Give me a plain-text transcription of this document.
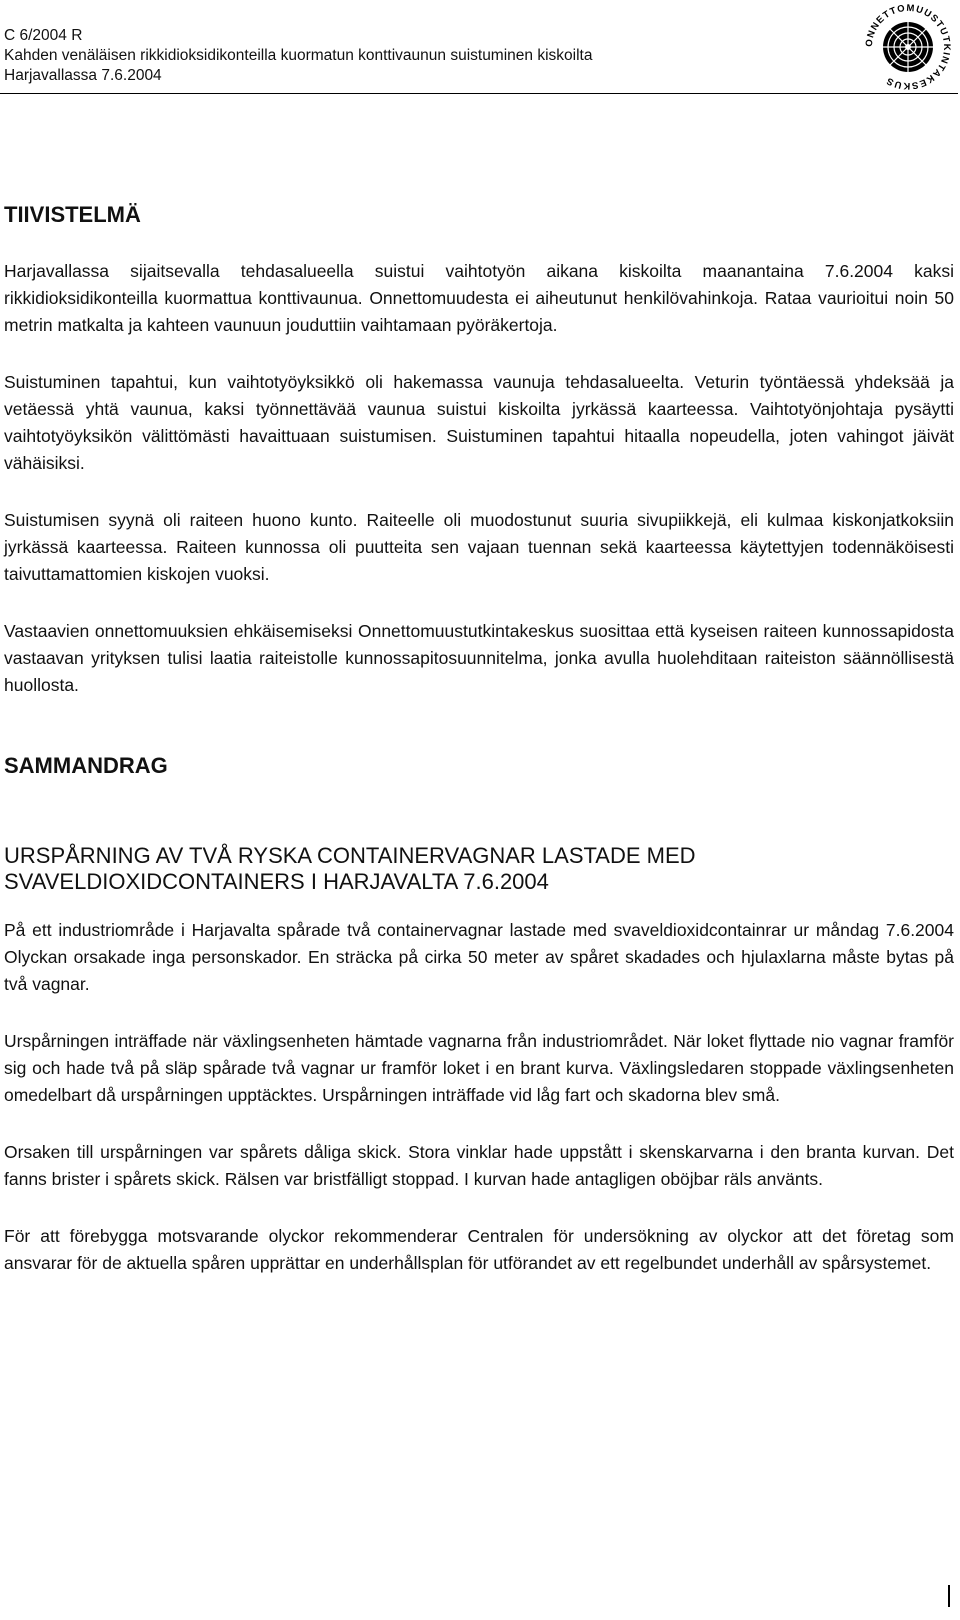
C 6/2004 R
Kahden venäläisen rikkidioksidikonteilla kuormatun konttivaunun suistuminen kiskoilta
Harjavallassa 7.6.2004
ONNETTOMUUSTUTKINTAKESKUS
TIIVISTELMÄ

Harjavallassa sijaitsevalla tehdasalueella suistui vaihtotyön aikana kiskoilta maanantaina 7.6.2004 kaksi rikkidioksidikonteilla kuormattua konttivaunua. Onnettomuudesta ei aiheutunut henkilövahinkoja. Rataa vaurioitui noin 50 metrin matkalta ja kahteen vaunuun jouduttiin vaihtamaan pyöräkertoja.

Suistuminen tapahtui, kun vaihtotyöyksikkö oli hakemassa vaunuja tehdasalueelta. Veturin työntäessä yhdeksää ja vetäessä yhtä vaunua, kaksi työnnettävää vaunua suistui kiskoilta jyrkässä kaarteessa. Vaihtotyönjohtaja pysäytti vaihtotyöyksikön välittömästi havaittuaan suistumisen. Suistuminen tapahtui hitaalla nopeudella, joten vahingot jäivät vähäisiksi.

Suistumisen syynä oli raiteen huono kunto. Raiteelle oli muodostunut suuria sivupiikkejä, eli kulmaa kiskonjatkoksiin jyrkässä kaarteessa. Raiteen kunnossa oli puutteita sen vajaan tuennan sekä kaarteessa käytettyjen todennäköisesti taivuttamattomien kiskojen vuoksi.

Vastaavien onnettomuuksien ehkäisemiseksi Onnettomuustutkintakeskus suosittaa että kyseisen raiteen kunnossapidosta vastaavan yrityksen tulisi laatia raiteistolle kunnossapitosuunnitelma, jonka avulla huolehditaan raiteiston säännöllisestä huollosta.

SAMMANDRAG
URSPÅRNING AV TVÅ RYSKA CONTAINERVAGNAR LASTADE MED SVAVELDIOXIDCONTAINERS I HARJAVALTA 7.6.2004

På ett industriområde i Harjavalta spårade två containervagnar lastade med svaveldioxidcontainrar ur måndag 7.6.2004 Olyckan orsakade inga personskador. En sträcka på cirka 50 meter av spåret skadades och hjulaxlarna måste bytas på två vagnar.

Urspårningen inträffade när växlingsenheten hämtade vagnarna från industriområdet. När loket flyttade nio vagnar framför sig och hade två på släp spårade två vagnar ur framför loket i en brant kurva. Växlingsledaren stoppade växlingsenheten omedelbart då urspårningen upptäcktes. Urspårningen inträffade vid låg fart och skadorna blev små.

Orsaken till urspårningen var spårets dåliga skick. Stora vinklar hade uppstått i skenskarvarna i den branta kurvan. Det fanns brister i spårets skick. Rälsen var bristfälligt stoppad. I kurvan hade antagligen oböjbar räls använts.

För att förebygga motsvarande olyckor rekommenderar Centralen för undersökning av olyckor att det företag som ansvarar för de aktuella spåren upprättar en underhållsplan för utförandet av ett regelbundet underhåll av spårsystemet.
